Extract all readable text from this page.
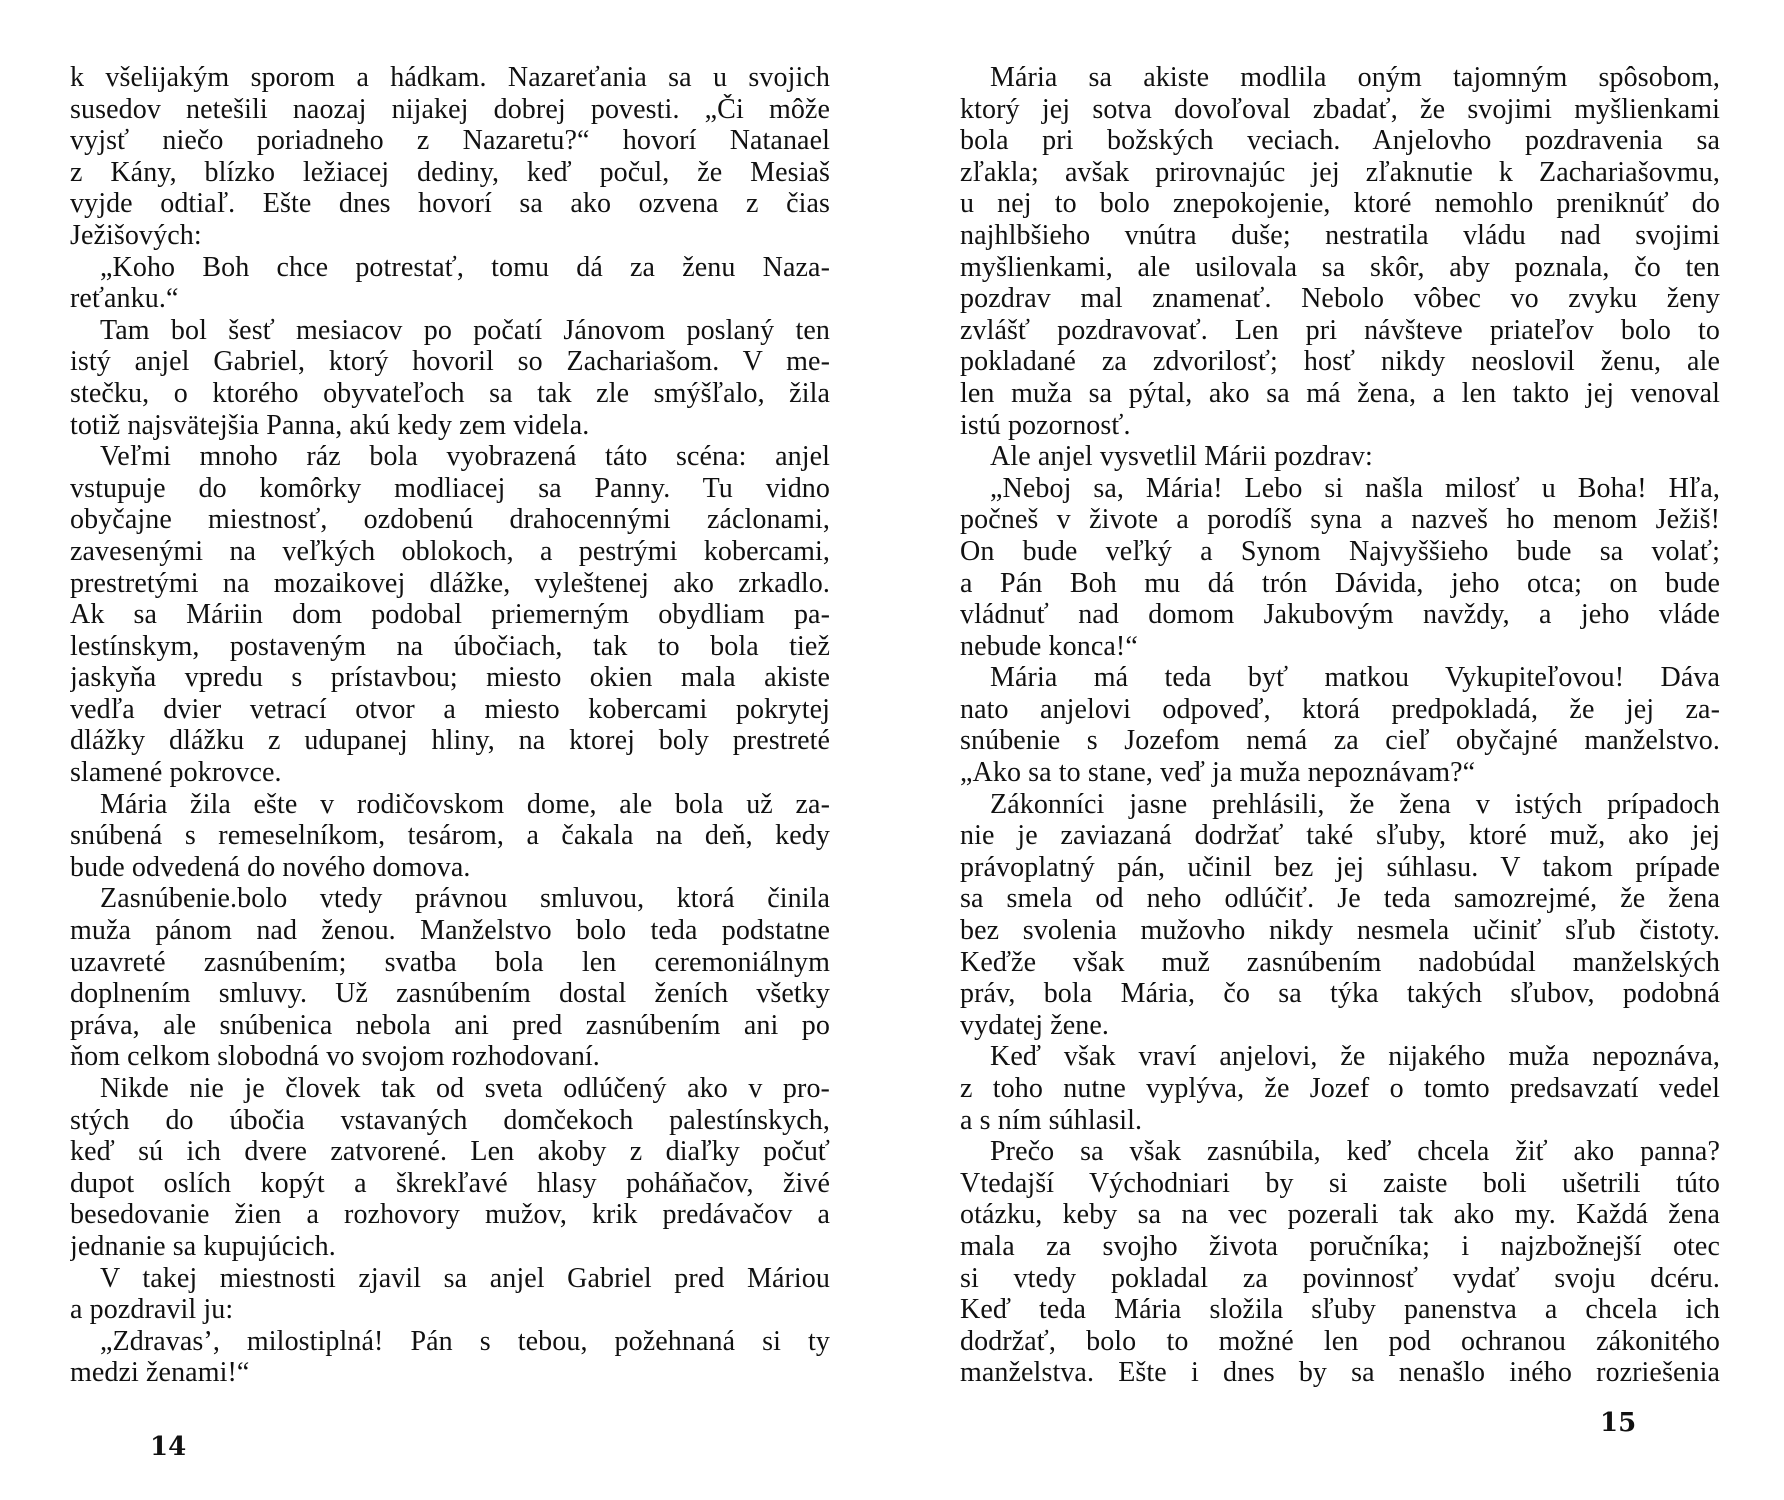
k všelijakým sporom a hádkam. Nazareťania sa u svojich
susedov netešili naozaj nijakej dobrej povesti. „Či môže
vyjsť niečo poriadneho z Nazaretu?“ hovorí Natanael
z Kány, blízko ležiacej dediny, keď počul, že Mesiaš
vyjde odtiaľ. Ešte dnes hovorí sa ako ozvena z čias
Ježišových:
„Koho Boh chce potrestať, tomu dá za ženu Naza-
reťanku.“
Tam bol šesť mesiacov po počatí Jánovom poslaný ten
istý anjel Gabriel, ktorý hovoril so Zachariašom. V me-
stečku, o ktorého obyvateľoch sa tak zle smýšľalo, žila
totiž najsvätejšia Panna, akú kedy zem videla.
Veľmi mnoho ráz bola vyobrazená táto scéna: anjel
vstupuje do komôrky modliacej sa Panny. Tu vidno
obyčajne miestnosť, ozdobenú drahocennými záclonami,
zavesenými na veľkých oblokoch, a pestrými kobercami,
prestretými na mozaikovej dlážke, vyleštenej ako zrkadlo.
Ak sa Máriin dom podobal priemerným obydliam pa-
lestínskym, postaveným na úbočiach, tak to bola tiež
jaskyňa vpredu s prístavbou; miesto okien mala akiste
vedľa dvier vetrací otvor a miesto kobercami pokrytej
dlážky dlážku z udupanej hliny, na ktorej boly prestreté
slamené pokrovce.
Mária žila ešte v rodičovskom dome, ale bola už za-
snúbená s remeselníkom, tesárom, a čakala na deň, kedy
bude odvedená do nového domova.
Zasnúbenie.bolo vtedy právnou smluvou, ktorá činila
muža pánom nad ženou. Manželstvo bolo teda podstatne
uzavreté zasnúbením; svatba bola len ceremoniálnym
doplnením smluvy. Už zasnúbením dostal ženích všetky
práva, ale snúbenica nebola ani pred zasnúbením ani po
ňom celkom slobodná vo svojom rozhodovaní.
Nikde nie je človek tak od sveta odlúčený ako v pro-
stých do úbočia vstavaných domčekoch palestínskych,
keď sú ich dvere zatvorené. Len akoby z diaľky počuť
dupot oslích kopýt a škrekľavé hlasy poháňačov, živé
besedovanie žien a rozhovory mužov, krik predávačov a
jednanie sa kupujúcich.
V takej miestnosti zjavil sa anjel Gabriel pred Máriou
a pozdravil ju:
„Zdravas’, milostiplná! Pán s tebou, požehnaná si ty
medzi ženami!“
14
Mária sa akiste modlila oným tajomným spôsobom,
ktorý jej sotva dovoľoval zbadať, že svojimi myšlienkami
bola pri božských veciach. Anjelovho pozdravenia sa
zľakla; avšak prirovnajúc jej zľaknutie k Zachariašovmu,
u nej to bolo znepokojenie, ktoré nemohlo preniknúť do
najhlbšieho vnútra duše; nestratila vládu nad svojimi
myšlienkami, ale usilovala sa skôr, aby poznala, čo ten
pozdrav mal znamenať. Nebolo vôbec vo zvyku ženy
zvlášť pozdravovať. Len pri návšteve priateľov bolo to
pokladané za zdvorilosť; hosť nikdy neoslovil ženu, ale
len muža sa pýtal, ako sa má žena, a len takto jej venoval
istú pozornosť.
Ale anjel vysvetlil Márii pozdrav:
„Neboj sa, Mária! Lebo si našla milosť u Boha! Hľa,
počneš v živote a porodíš syna a nazveš ho menom Ježiš!
On bude veľký a Synom Najvyššieho bude sa volať;
a Pán Boh mu dá trón Dávida, jeho otca; on bude
vládnuť nad domom Jakubovým navždy, a jeho vláde
nebude konca!“
Mária má teda byť matkou Vykupiteľovou! Dáva
nato anjelovi odpoveď, ktorá predpokladá, že jej za-
snúbenie s Jozefom nemá za cieľ obyčajné manželstvo.
„Ako sa to stane, veď ja muža nepoznávam?“
Zákonníci jasne prehlásili, že žena v istých prípadoch
nie je zaviazaná dodržať také sľuby, ktoré muž, ako jej
právoplatný pán, učinil bez jej súhlasu. V takom prípade
sa smela od neho odlúčiť. Je teda samozrejmé, že žena
bez svolenia mužovho nikdy nesmela učiniť sľub čistoty.
Keďže však muž zasnúbením nadobúdal manželských
práv, bola Mária, čo sa týka takých sľubov, podobná
vydatej žene.
Keď však vraví anjelovi, že nijakého muža nepoznáva,
z toho nutne vyplýva, že Jozef o tomto predsavzatí vedel
a s ním súhlasil.
Prečo sa však zasnúbila, keď chcela žiť ako panna?
Vtedajší Východniari by si zaiste boli ušetrili túto
otázku, keby sa na vec pozerali tak ako my. Každá žena
mala za svojho života poručníka; i najzbožnejší otec
si vtedy pokladal za povinnosť vydať svoju dcéru.
Keď teda Mária složila sľuby panenstva a chcela ich
dodržať, bolo to možné len pod ochranou zákonitého
manželstva. Ešte i dnes by sa nenašlo iného rozriešenia
15
